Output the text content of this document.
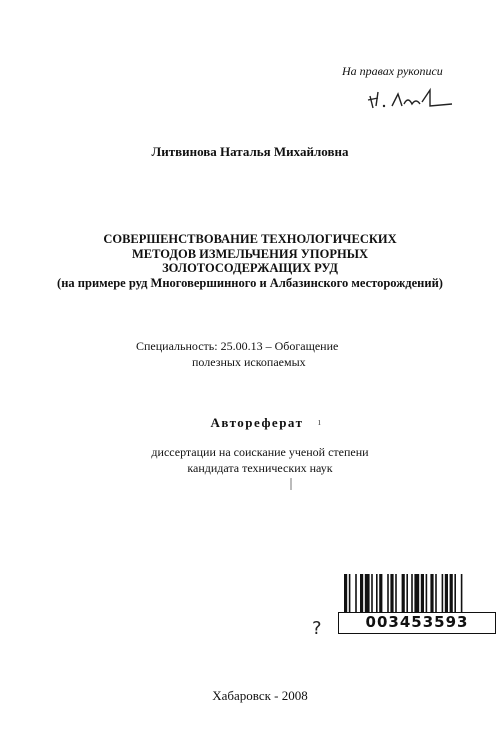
На правах рукописи
Литвинова Наталья Михайловна
СОВЕРШЕНСТВОВАНИЕ ТЕХНОЛОГИЧЕСКИХ
МЕТОДОВ ИЗМЕЛЬЧЕНИЯ УПОРНЫХ
ЗОЛОТОСОДЕРЖАЩИХ РУД
(на примере руд Многовершинного и Албазинского месторождений)
Специальность: 25.00.13 – Обогащение
полезных ископаемых
Автореферат	ı
диссертации на соискание ученой степени
кандидата технических наук
?	003453593
Хабаровск - 2008
